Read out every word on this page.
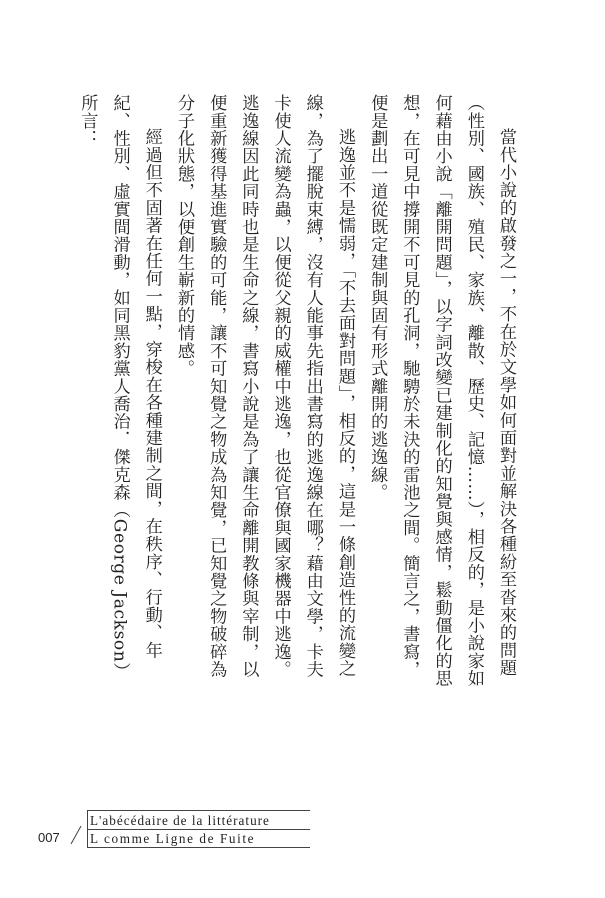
當代小說的啟發之一，不在於文學如何面對並解決各種紛至沓來的問題（性別、國族、殖民、家族、離散、歷史、記憶……），相反的，是小說家如何藉由小說「離開問題」，以字詞改變已建制化的知覺與感情，鬆動僵化的思想，在可見中撐開不可見的孔洞，馳騁於未決的雷池之間。簡言之，書寫，便是劃出一道從既定建制與固有形式離開的逃逸線。

逃逸並不是懦弱，「不去面對問題」，相反的，這是一條創造性的流變之線，為了擺脫束縛，沒有人能事先指出書寫的逃逸線在哪？藉由文學，卡夫卡使人流變為蟲，以便從父親的威權中逃逸，也從官僚與國家機器中逃逸。逃逸線因此同時也是生命之線，書寫小說是為了讓生命離開教條與宰制，以便重新獲得基進實驗的可能，讓不可知覺之物成為知覺，已知覺之物破碎為分子化狀態，以便創生嶄新的情感。

經過但不固著在任何一點，穿梭在各種建制之間，在秩序、行動、年紀、性別、虛實間滑動，如同黑豹黨人喬治．傑克森（George Jackson）所言：

007
L'abécédaire de la littérature
L comme Ligne de Fuite
